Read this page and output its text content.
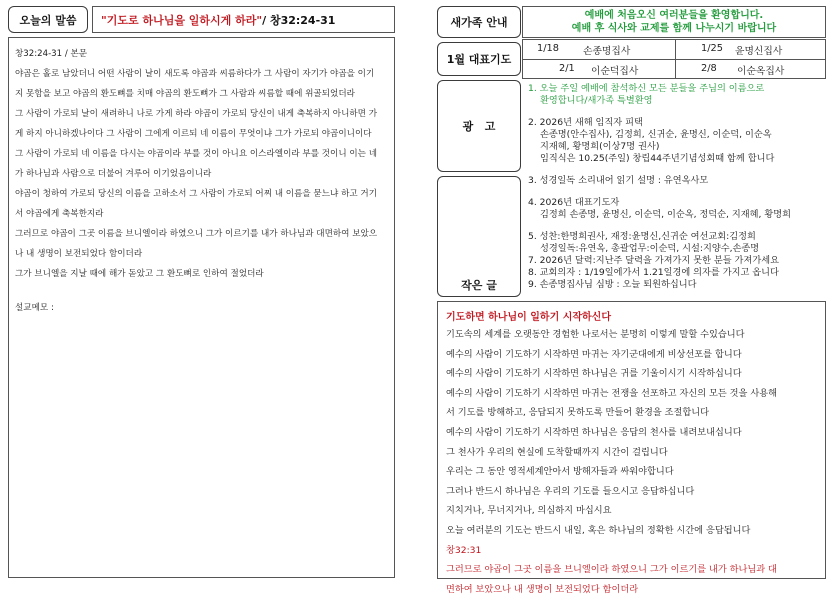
오늘의 말씀	"기도로 하나님을 일하시게 하라" / 창32:24-31
창32:24-31 / 본문
야곱은 홀로 남았더니 어떤 사람이 날이 새도록 야곱과 씨름하다가 그 사람이 자기가 야곱을 이기
지 못함을 보고 야곱의 환도뼈를 치매 야곱의 환도뼈가 그 사람과 씨름할 때에 위골되었더라
그 사람이 가로되 날이 새려하니 나로 가게 하라 야곱이 가로되 당신이 내게 축복하지 아니하면 가
게 하지 아니하겠나이다 그 사람이 그에게 이르되 네 이름이 무엇이냐 그가 가로되 야곱이니이다
그 사람이 가로되 네 이름을 다시는 야곱이라 부를 것이 아니요 이스라엘이라 부를 것이니 이는 네
가 하나님과 사람으로 더불어 겨루어 이기었음이니라
야곱이 청하여 가로되 당신의 이름을 고하소서 그 사람이 가로되 어찌 내 이름을 묻느냐 하고 거기
서 야곱에게 축복한지라
그러므로 야곱이 그곳 이름을 브니엘이라 하였으니 그가 이르기를 내가 하나님과 대면하여 보았으
나 내 생명이 보전되었다 함이더라
그가 브니엘을 지날 때에 해가 돋았고 그 환도뼈로 인하여 절었더라
설교메모 :
새가족 안내
예배에 처음오신 여러분들을 환영합니다.
예배 후 식사와 교제를 함께 나누시기 바랍니다
1월 대표기도
1/18 손종명집사	1/25 윤명신집사
2/1 이순덕집사	2/8 이순옥집사
광   고
작은 글
1. 오늘 주일 예배에 참석하신 모든 분들을 주님의 이름으로
환영합니다/새가족 특별환영
2. 2026년 새해 임직자 피택
손종명(안수집사), 김정희, 신귀순, 윤명신, 이순덕, 이순옥
지재혜, 황명희(이상7명 권사)
임직식은 10.25(주일) 창립44주년기념성회때 함께 합니다
3. 성경일독 소리내어 읽기 설명 : 유연옥사모
4. 2026년 대표기도자
김정희 손종명, 윤명신, 이순덕, 이순옥, 정덕순, 지재혜, 황명희
5. 성찬:한명희권사, 재정:윤명신,신귀순 여선교회:김정희
성경일독:유연옥, 총괄업무:이순덕, 시설:지양수,손종명
7. 2026년 달력:지난주 달력을 가져가지 못한 분들 가져가세요
8. 교회의자 : 1/19일에가서 1.21일경에 의자를 가지고 옵니다
9. 손종명집사님 심방 : 오늘 퇴원하십니다
기도하면 하나님이 일하기 시작하신다
기도속의 세계를 오랫동안 경험한 나로서는 분명히 이렇게 말할 수있습니다
예수의 사람이 기도하기 시작하면 마귀는 자기군대에게 비상선포를 합니다
예수의 사람이 기도하기 시작하면 하나님은 귀를 기울이시기 시작하십니다
예수의 사람이 기도하기 시작하면 마귀는 전쟁을 선포하고 자신의 모든 것을 사용해
서 기도를 방해하고, 응답되지 못하도록 만들어 환경을 조절합니다
예수의 사람이 기도하기 시작하면 하나님은 응답의 천사를 내려보내십니다
그 천사가 우리의 현실에 도착할때까지 시간이 걸립니다
우리는 그 동안 영적세계안아서 방해자들과 싸워야합니다
그러나 반드시 하나님은 우리의 기도를 들으시고 응답하십니다
지치거나, 무너지거나, 의심하지 마십시요
오늘 여러분의 기도는 반드시 내일, 혹은 하나님의 정확한 시간에 응답됩니다
창32:31
그러므로 야곱이 그곳 이름을 브니엘이라 하였으니 그가 이르기를 내가 하나님과 대
면하여 보았으나 내 생명이 보전되었다 함이더라
